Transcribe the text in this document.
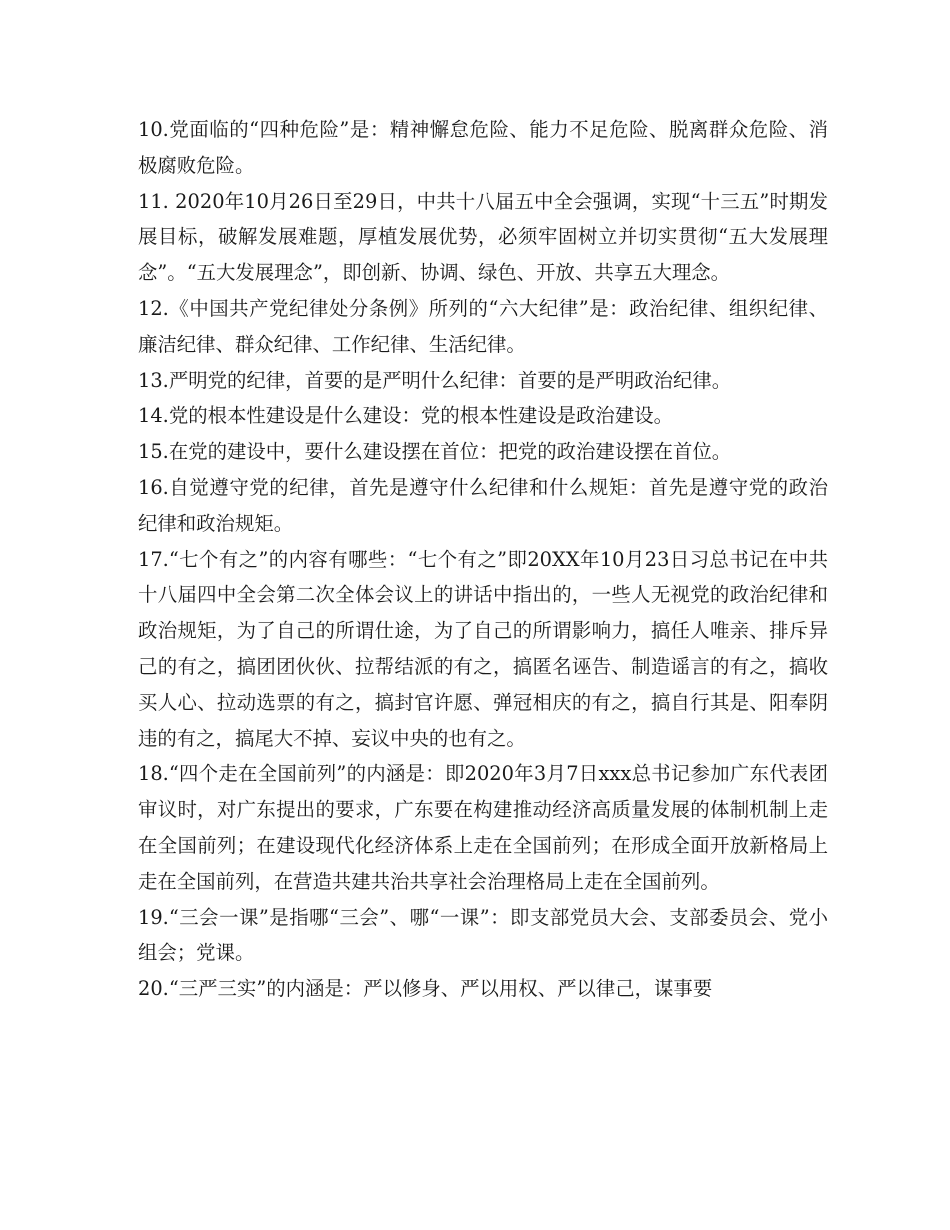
10.党面临的“四种危险”是：精神懈怠危险、能力不足危险、脱离群众危险、消极腐败危险。

11. 2020年10月26日至29日，中共十八届五中全会强调，实现“十三五”时期发展目标，破解发展难题，厚植发展优势，必须牢固树立并切实贯彻“五大发展理念”。“五大发展理念”，即创新、协调、绿色、开放、共享五大理念。

12.《中国共产党纪律处分条例》所列的“六大纪律”是：政治纪律、组织纪律、廉洁纪律、群众纪律、工作纪律、生活纪律。

13.严明党的纪律，首要的是严明什么纪律：首要的是严明政治纪律。

14.党的根本性建设是什么建设：党的根本性建设是政治建设。

15.在党的建设中，要什么建设摆在首位：把党的政治建设摆在首位。

16.自觉遵守党的纪律，首先是遵守什么纪律和什么规矩：首先是遵守党的政治纪律和政治规矩。

17.“七个有之”的内容有哪些：“七个有之”即20XX年10月23日习总书记在中共十八届四中全会第二次全体会议上的讲话中指出的，一些人无视党的政治纪律和政治规矩，为了自己的所谓仕途，为了自己的所谓影响力，搞任人唯亲、排斥异己的有之，搞团团伙伙、拉帮结派的有之，搞匿名诬告、制造谣言的有之，搞收买人心、拉动选票的有之，搞封官许愿、弹冠相庆的有之，搞自行其是、阳奉阴违的有之，搞尾大不掉、妄议中央的也有之。

18.“四个走在全国前列”的内涵是：即2020年3月7日xxx总书记参加广东代表团审议时，对广东提出的要求，广东要在构建推动经济高质量发展的体制机制上走在全国前列；在建设现代化经济体系上走在全国前列；在形成全面开放新格局上走在全国前列，在营造共建共治共享社会治理格局上走在全国前列。

19.“三会一课”是指哪“三会”、哪“一课”：即支部党员大会、支部委员会、党小组会；党课。

20.“三严三实”的内涵是：严以修身、严以用权、严以律己，谋事要
